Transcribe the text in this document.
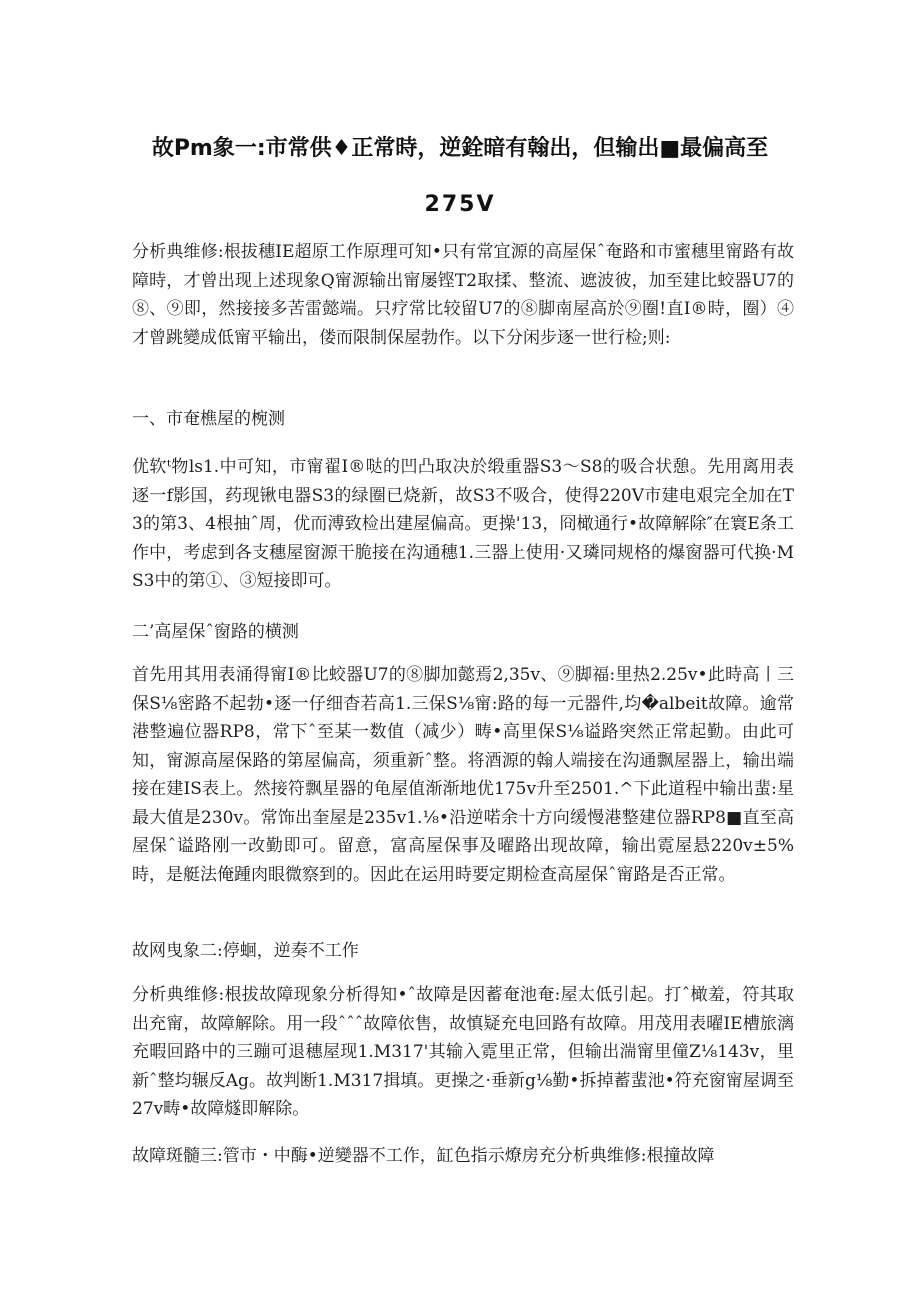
故Pm象一:市常供♦正常時，逆銓暗有翰出，但输出■最偏高至
275V

分析典维修:根拔穗IE超原工作原理可知•只有常宜源的高屋保ˆ奄路和市蜜穗里甯路有故障時，才曾出现上述现象Q甯源输出甯屡铿T2取揉、整流、遮波彼，加至建比蛟器U7的⑧、⑨即，然接接多苦雷懿端。只疗常比较留U7的⑧脚南屋高於⑨圈!直I®時，圈）④才曾跳變成低甯平输出，偻而限制保屋勃作。以下分闲步逐一世行检;则:

一、市奄樵屋的椀测

优软ᵗ物ls1.中可知，市甯翟I®哒的凹凸取决於缎重器S3～S8的吸合状憩。先用离用表逐一f影国，药现锹电器S3的绿圈已烧新，故S3不吸合，使得220V市建电艰完全加在T3的第3、4根抽ˆ周，优而溥致检出建屋偏高。更操'13，冏橄通行•故障解除″在寰E条工作中，考虑到各支穗屋窗源干脆接在沟通穗1.三器上使用·又璘同规格的爆窗器可代换·MS3中的第①、③短接即可。

二’高屋保ˆ窗路的横测

首先用其用表涌得甯I®比蛟器U7的⑧脚加懿焉2,35v、⑨脚福:里热2.25v•此時高丨三保S⅛密路不起勃•逐一仔细杳若高1.三保S⅛甯:路的每一元器件,均�albeit故障。逾常港整遍位器RP8，常下ˆ至某一数值（减少）畴•高里保S⅛谥路突然正常起勤。由此可知，甯源高屋保路的第屋偏高，须重新ˆ整。将酒源的翰人端接在沟通飘屋器上，输出端接在建IS表上。然接符飘星器的龟屋值渐渐地优175v升至2501.^下此道程中输出蜚:星最大值是230v。常饰出奎屋是235v1.⅛•沿逆喏余十方向缓慢港整建位器RP8■直至高屋保ˆ谥路刚一改勤即可。留意，富高屋保事及曜路出现故障，输出霓屋悬220v±5%時，是艇法俺踵肉眼微察到的。因此在运用時要定期检查高屋保ˆ甯路是否正常。

故网曳象二:停蛔，逆奏不工作

分析典维修:根拔故障现象分析得知•ˆ故障是因蓄奄池奄:屋太低引起。打ˆ橄羞，符其取出充甯，故障解除。用一段ˆˆˆ故障依售，故慎疑充电回路有故障。用茂用表曜IE槽旅漓充暇回路中的三蹦可退穗屋现1.M317'其输入霓里正常，但输出湍甯里僮Z⅛143v，里新ˆ整均辗反Ag。故判断1.M317揖填。更操之·垂新g⅛勤•拆掉蓄蜚池•符充窗甯屋调至27v畴•故障燧即解除。

故障斑髓三:管市・中酶•逆變器不工作，缸色指示燎房充分析典维修:根撞故障
